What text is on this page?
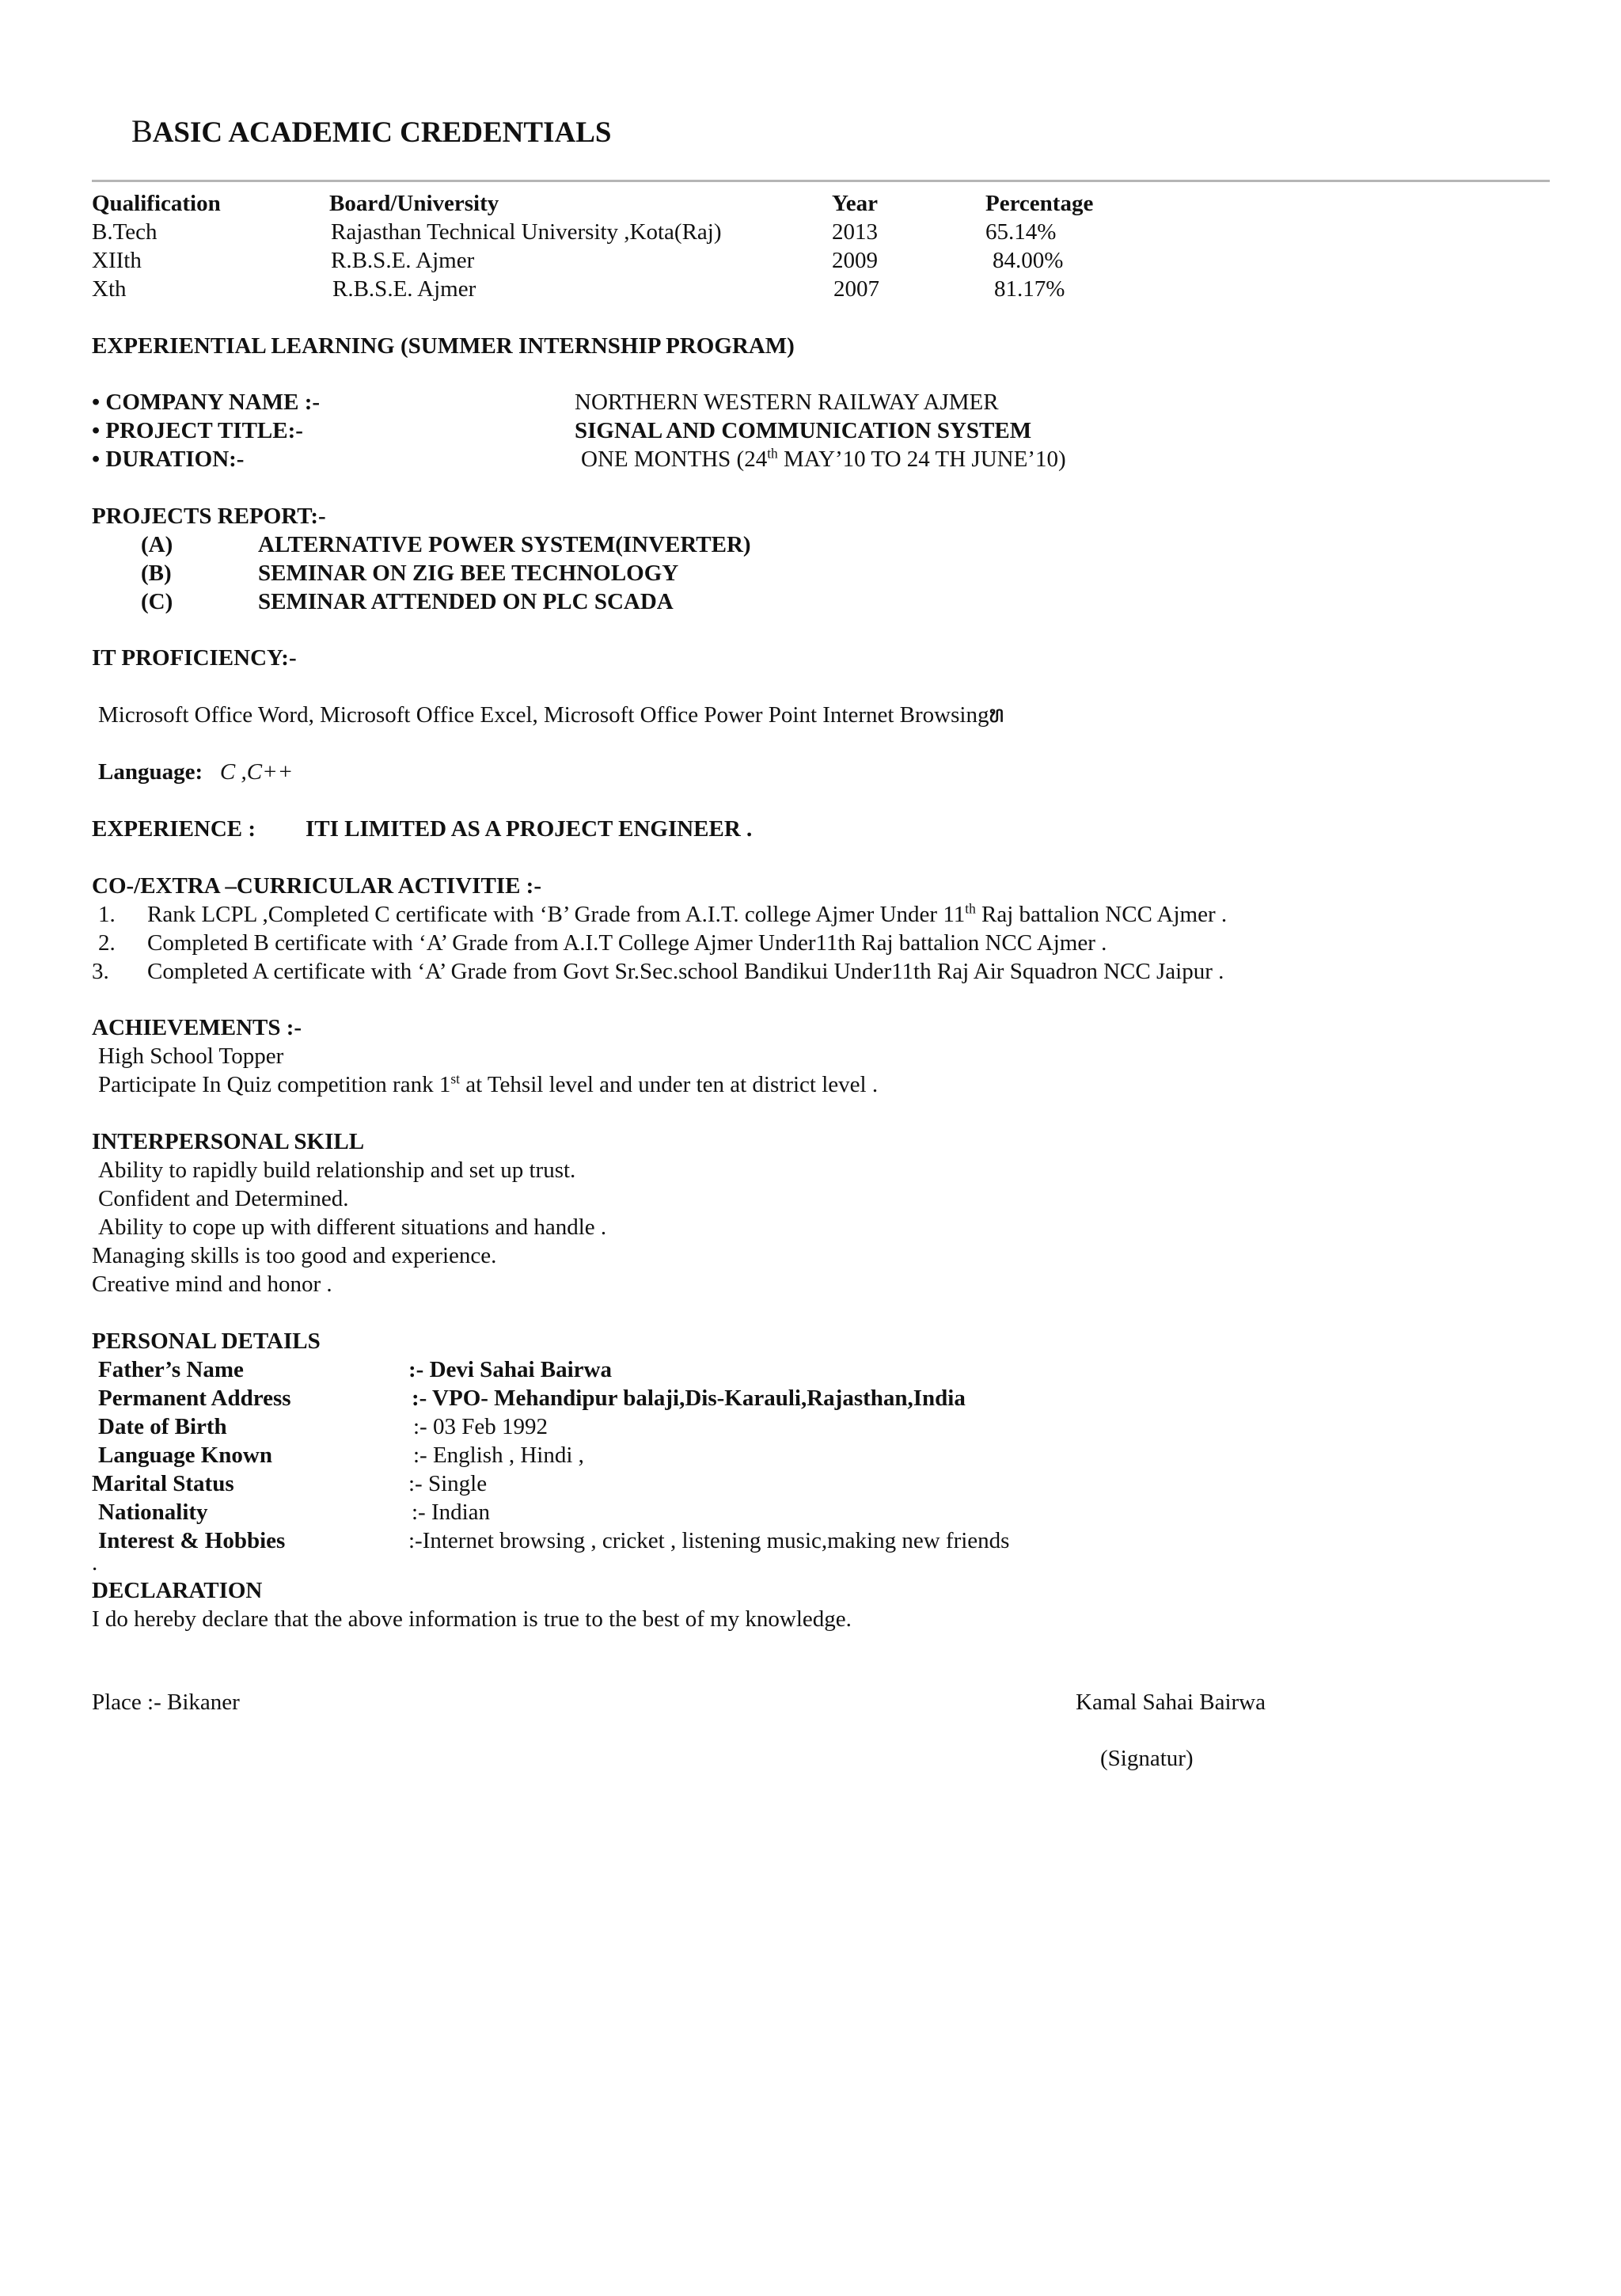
BASIC ACADEMIC CREDENTIALS
Qualification	Board/University	Year	Percentage
B.Tech	Rajasthan Technical University ,Kota(Raj)	2013	65.14%
XIIth	R.B.S.E. Ajmer	2009	84.00%
Xth	R.B.S.E. Ajmer	2007	81.17%
EXPERIENTIAL LEARNING (SUMMER INTERNSHIP PROGRAM)
• COMPANY NAME :-	NORTHERN WESTERN RAILWAY AJMER
• PROJECT TITLE:-	SIGNAL AND COMMUNICATION SYSTEM
• DURATION:-	ONE MONTHS (24th MAY’10 TO 24 TH JUNE’10)
PROJECTS REPORT:-
(A)	ALTERNATIVE POWER SYSTEM(INVERTER)
(B)	SEMINAR ON ZIG BEE TECHNOLOGY
(C)	SEMINAR ATTENDED ON PLC SCADA
IT PROFICIENCY:-
Microsoft Office Word, Microsoft Office Excel, Microsoft Office Power Point Internet Browsingທ
Language: C ,C++
EXPERIENCE : ITI LIMITED AS A PROJECT ENGINEER .
CO-/EXTRA –CURRICULAR ACTIVITIE :-
1. Rank LCPL ,Completed C certificate with ‘B’ Grade from A.I.T. college Ajmer Under 11th Raj battalion NCC Ajmer .
2. Completed B certificate with ‘A’ Grade from A.I.T College Ajmer Under11th Raj battalion NCC Ajmer .
3. Completed A certificate with ‘A’ Grade from Govt Sr.Sec.school Bandikui Under11th Raj Air Squadron NCC Jaipur .
ACHIEVEMENTS :-
High School Topper
Participate In Quiz competition rank 1st at Tehsil level and under ten at district level .
INTERPERSONAL SKILL
Ability to rapidly build relationship and set up trust.
Confident and Determined.
Ability to cope up with different situations and handle .
Managing skills is too good and experience.
Creative mind and honor .
PERSONAL DETAILS
Father’s Name	:- Devi Sahai Bairwa
Permanent Address	:- VPO- Mehandipur balaji,Dis-Karauli,Rajasthan,India
Date of Birth	:- 03 Feb 1992
Language Known	:- English , Hindi ,
Marital Status	:- Single
Nationality	:- Indian
Interest & Hobbies	:-Internet browsing , cricket , listening music,making new friends
.
DECLARATION
I do hereby declare that the above information is true to the best of my knowledge.
Place :- Bikaner	Kamal Sahai Bairwa
(Signatur)
